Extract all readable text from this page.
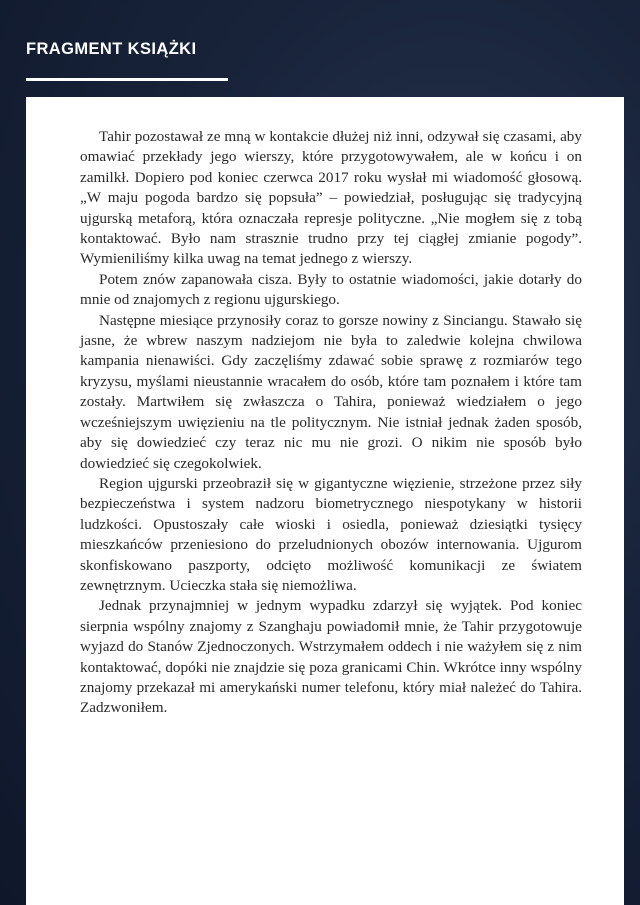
FRAGMENT KSIĄŻKI

Tahir pozostawał ze mną w kontakcie dłużej niż inni, odzywał się czasami, aby omawiać przekłady jego wierszy, które przygotowywałem, ale w końcu i on zamilkł. Dopiero pod koniec czerwca 2017 roku wysłał mi wiadomość głosową. „W maju pogoda bardzo się popsuła” – powiedział, posługując się tradycyjną ujgurską metaforą, która oznaczała represje polityczne. „Nie mogłem się z tobą kontaktować. Było nam strasznie trudno przy tej ciągłej zmianie pogody”. Wymieniliśmy kilka uwag na temat jednego z wierszy.

Potem znów zapanowała cisza. Były to ostatnie wiadomości, jakie dotarły do mnie od znajomych z regionu ujgurskiego.

Następne miesiące przynosiły coraz to gorsze nowiny z Sinciangu. Stawało się jasne, że wbrew naszym nadziejom nie była to zaledwie kolejna chwilowa kampania nienawiści. Gdy zaczęliśmy zdawać sobie sprawę z rozmiarów tego kryzysu, myślami nieustannie wracałem do osób, które tam poznałem i które tam zostały. Martwiłem się zwłaszcza o Tahira, ponieważ wiedziałem o jego wcześniejszym uwięzieniu na tle politycznym. Nie istniał jednak żaden sposób, aby się dowiedzieć czy teraz nic mu nie grozi. O nikim nie sposób było dowiedzieć się czegokolwiek.

Region ujgurski przeobraził się w gigantyczne więzienie, strzeżone przez siły bezpieczeństwa i system nadzoru biometrycznego niespotykany w historii ludzkości. Opustoszały całe wioski i osiedla, ponieważ dziesiątki tysięcy mieszkańców przeniesiono do przeludnionych obozów internowania. Ujgurom skonfiskowano paszporty, odcięto możliwość komunikacji ze światem zewnętrznym. Ucieczka stała się niemożliwa.

Jednak przynajmniej w jednym wypadku zdarzył się wyjątek. Pod koniec sierpnia wspólny znajomy z Szanghaju powiadomił mnie, że Tahir przygotowuje wyjazd do Stanów Zjednoczonych. Wstrzymałem oddech i nie ważyłem się z nim kontaktować, dopóki nie znajdzie się poza granicami Chin. Wkrótce inny wspólny znajomy przekazał mi amerykański numer telefonu, który miał należeć do Tahira. Zadzwoniłem.
